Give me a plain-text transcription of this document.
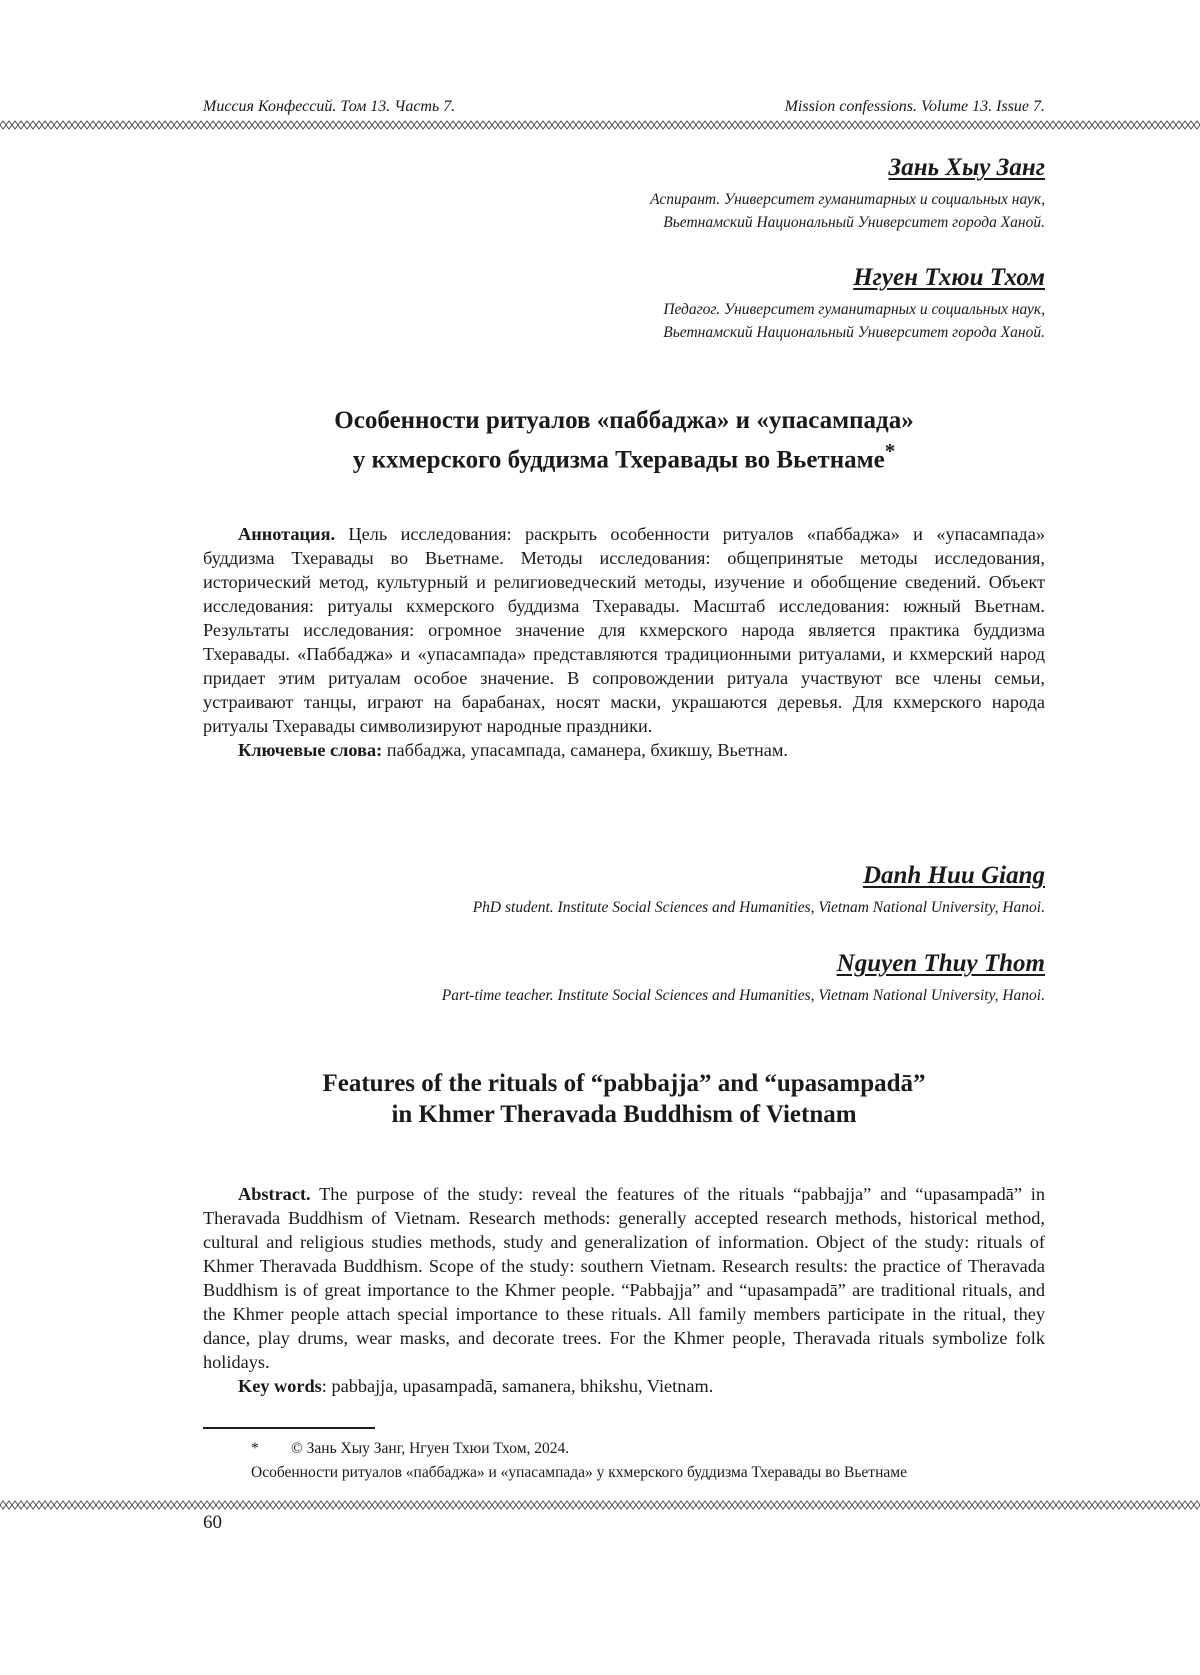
Миссия Конфессий. Том 13. Часть 7.	Mission confessions. Volume 13. Issue 7.
Зань Хыу Занг
Аспирант. Университет гуманитарных и социальных наук,
Вьетнамский Национальный Университет города Ханой.
Нгуен Тхюи Тхом
Педагог. Университет гуманитарных и социальных наук,
Вьетнамский Национальный Университет города Ханой.
Особенности ритуалов «паббаджа» и «упасампада»
у кхмерского буддизма Тхеравады во Вьетнаме*

Аннотация. Цель исследования: раскрыть особенности ритуалов «паббаджа» и «упасампада» буддизма Тхеравады во Вьетнаме. Методы исследования: общепринятые методы исследования, исторический метод, культурный и религиоведческий методы, изучение и обобщение сведений. Объект исследования: ритуалы кхмерского буддизма Тхеравады. Масштаб исследования: южный Вьетнам. Результаты исследования: огромное значение для кхмерского народа является практика буддизма Тхеравады. «Паббаджа» и «упасампада» представляются традиционными ритуалами, и кхмерский народ придает этим ритуалам особое значение. В сопровождении ритуала участвуют все члены семьи, устраивают танцы, играют на барабанах, носят маски, украшаются деревья. Для кхмерского народа ритуалы Тхеравады символизируют народные праздники.

Ключевые слова: паббаджа, упасампада, саманера, бхикшу, Вьетнам.

Danh Huu Giang
PhD student. Institute Social Sciences and Humanities, Vietnam National University, Hanoi.
Nguyen Thuy Thom
Part-time teacher. Institute Social Sciences and Humanities, Vietnam National University, Hanoi.
Features of the rituals of “pabbajja” and “upasampadā”
in Khmer Theravada Buddhism of Vietnam

Abstract. The purpose of the study: reveal the features of the rituals “pabbajja” and “upasampadā” in Theravada Buddhism of Vietnam. Research methods: generally accepted research methods, historical method, cultural and religious studies methods, study and generalization of information. Object of the study: rituals of Khmer Theravada Buddhism. Scope of the study: southern Vietnam. Research results: the practice of Theravada Buddhism is of great importance to the Khmer people. “Pabbajja” and “upasampadā” are traditional rituals, and the Khmer people attach special importance to these rituals. All family members participate in the ritual, they dance, play drums, wear masks, and decorate trees. For the Khmer people, Theravada rituals symbolize folk holidays.

Key words: pabbajja, upasampadā, samanera, bhikshu, Vietnam.

* © Зань Хыу Занг, Нгуен Тхюи Тхом, 2024.
Особенности ритуалов «паббаджа» и «упасампада» у кхмерского буддизма Тхеравады во Вьетнаме
60
